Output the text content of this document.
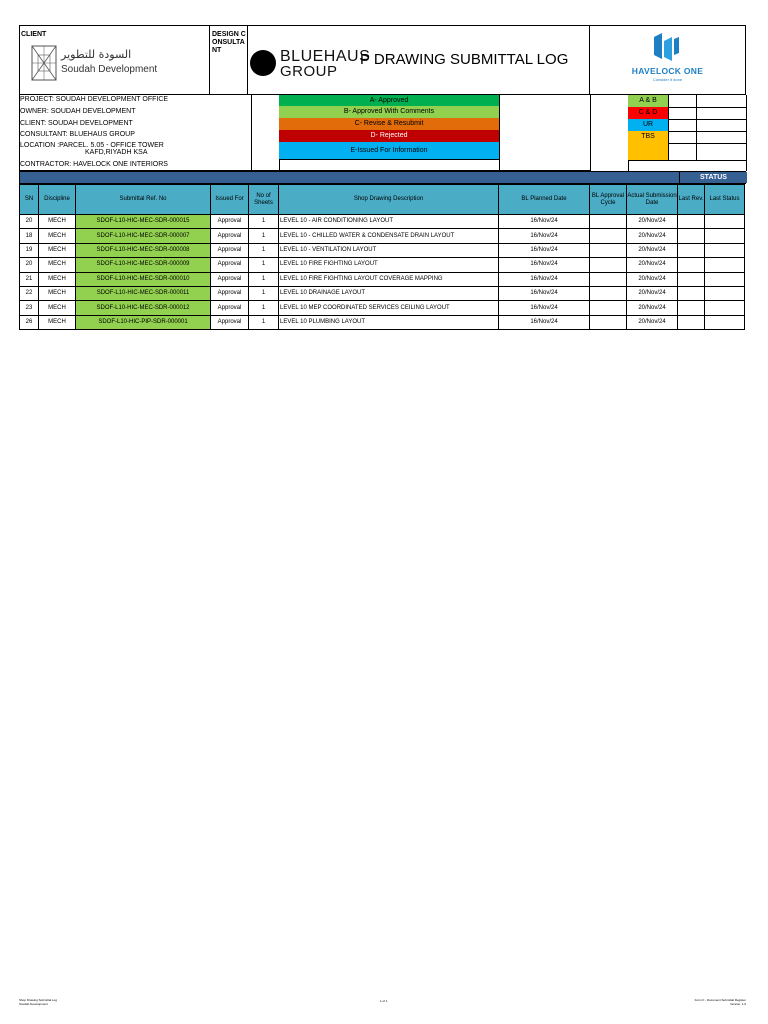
CLIENT
السودة للتطوير
Soudah Development
DESIGN CONSULTA NT	BLUEHAUS
GROUP
P DRAWING SUBMITTAL LOG
HAVELOCK ONE
Consider it done
PROJECT: SOUDAH DEVELOPMENT OFFICE
OWNER: SOUDAH DEVELOPMENT
CLIENT: SOUDAH DEVELOPMENT
CONSULTANT: BLUEHAUS GROUP
LOCATION :PARCEL. 5.05 - OFFICE TOWER
KAFD,RIYADH KSA
CONTRACTOR: HAVELOCK ONE INTERIORS
A- Approved
B- Approved With Comments
C- Revise & Resubmit
D- Rejected
E-Issued For Information
A & B
C & D
UR
TBS
STATUS
SN	Discipline	Submittal Ref. No	Issued For	No of Sheets	Shop Drawing Description	BL Planned Date	BL Approval Cycle	Actual Submission Date	Last Rev.	Last Status
20	MECH	SDOF-L10-HIC-MEC-SDR-000015	Approval	1	LEVEL 10 - AIR CONDITIONING LAYOUT	16/Nov/24		20/Nov/24		
18	MECH	SDOF-L10-HIC-MEC-SDR-000007	Approval	1	LEVEL 10 - CHILLED WATER & CONDENSATE DRAIN LAYOUT	16/Nov/24		20/Nov/24		
19	MECH	SDOF-L10-HIC-MEC-SDR-000008	Approval	1	LEVEL 10 - VENTILATION LAYOUT	16/Nov/24		20/Nov/24		
20	MECH	SDOF-L10-HIC-MEC-SDR-000009	Approval	1	LEVEL 10 FIRE FIGHTING LAYOUT	16/Nov/24		20/Nov/24		
21	MECH	SDOF-L10-HIC-MEC-SDR-000010	Approval	1	LEVEL 10 FIRE FIGHTING LAYOUT COVERAGE MAPPING	16/Nov/24		20/Nov/24		
22	MECH	SDOF-L10-HIC-MEC-SDR-000011	Approval	1	LEVEL 10 DRAINAGE LAYOUT	16/Nov/24		20/Nov/24		
23	MECH	SDOF-L10-HIC-MEC-SDR-000012	Approval	1	LEVEL 10 MEP COORDINATED SERVICES CEILING LAYOUT	16/Nov/24		20/Nov/24		
26	MECH	SDOF-L10-HIC-PIP-SDR-000001	Approval	1	LEVEL 10 PLUMBING LAYOUT	16/Nov/24		20/Nov/24		
Shop Drawing Submittal Log
Soudah Development
1 of 1	Form F - Document Submittal Register
Version: 1.0
